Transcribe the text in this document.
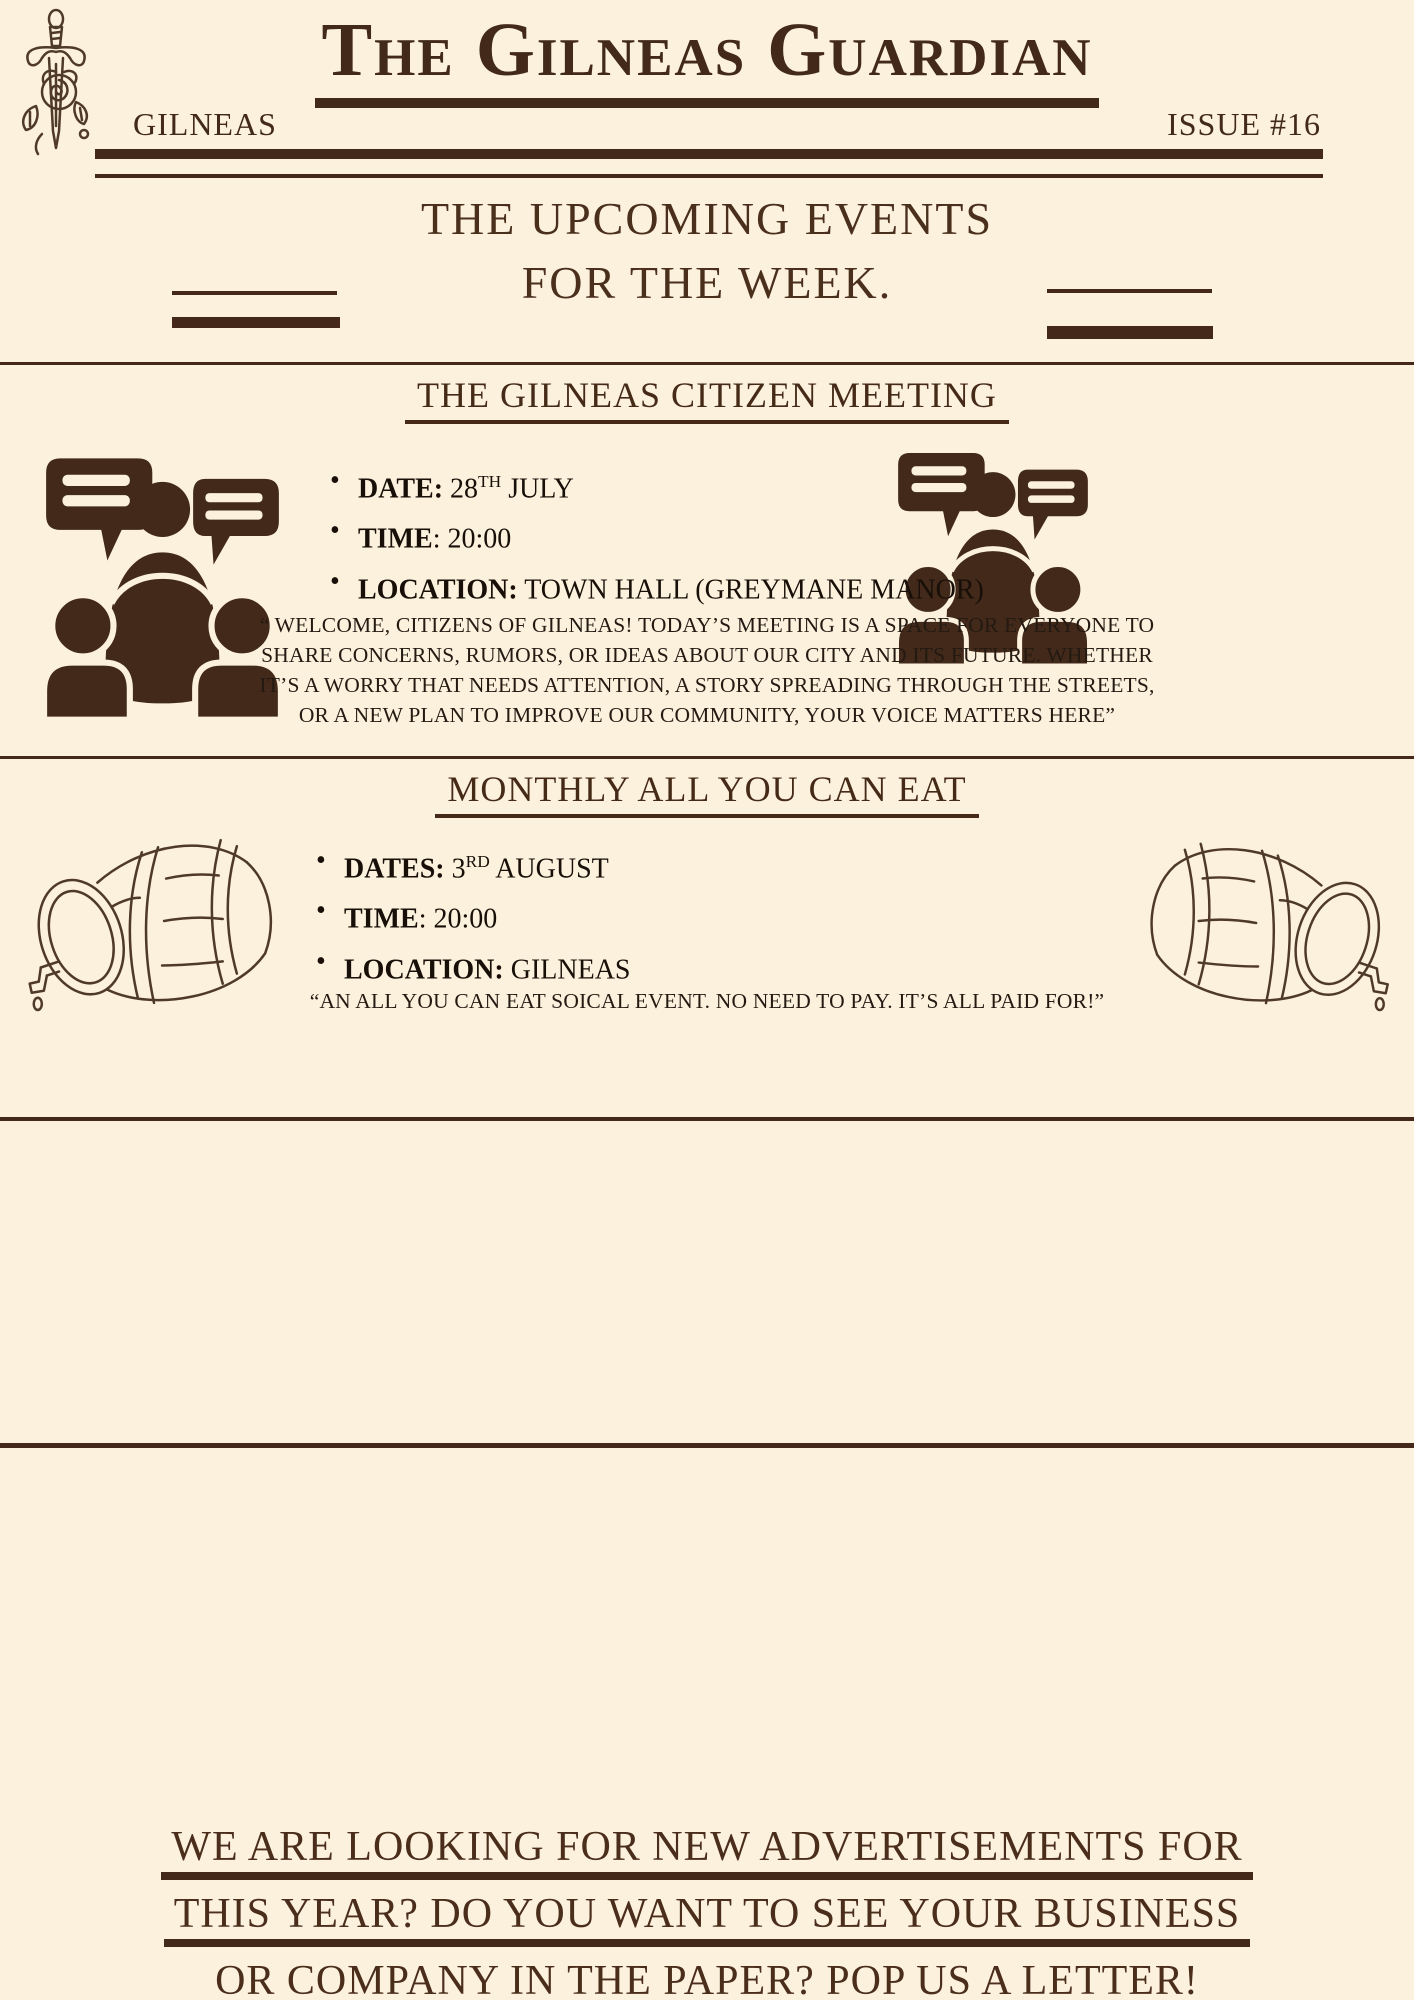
The Gilneas Guardian
GILNEAS	ISSUE #16
THE UPCOMING EVENTS
FOR THE WEEK.
THE GILNEAS CITIZEN MEETING
• DATE: 28TH JULY
• TIME: 20:00
• LOCATION: TOWN HALL (GREYMANE MANOR)
“ WELCOME, CITIZENS OF GILNEAS! TODAY’S MEETING IS A SPACE FOR EVERYONE TO SHARE CONCERNS, RUMORS, OR IDEAS ABOUT OUR CITY AND ITS FUTURE. WHETHER IT’S A WORRY THAT NEEDS ATTENTION, A STORY SPREADING THROUGH THE STREETS, OR A NEW PLAN TO IMPROVE OUR COMMUNITY, YOUR VOICE MATTERS HERE”
MONTHLY ALL YOU CAN EAT
• DATES: 3RD AUGUST
• TIME: 20:00
• LOCATION: GILNEAS
“AN ALL YOU CAN EAT SOICAL EVENT. NO NEED TO PAY. IT’S ALL PAID FOR!”
WE ARE LOOKING FOR NEW ADVERTISEMENTS FOR
THIS YEAR? DO YOU WANT TO SEE YOUR BUSINESS
OR COMPANY IN THE PAPER? POP US A LETTER!
